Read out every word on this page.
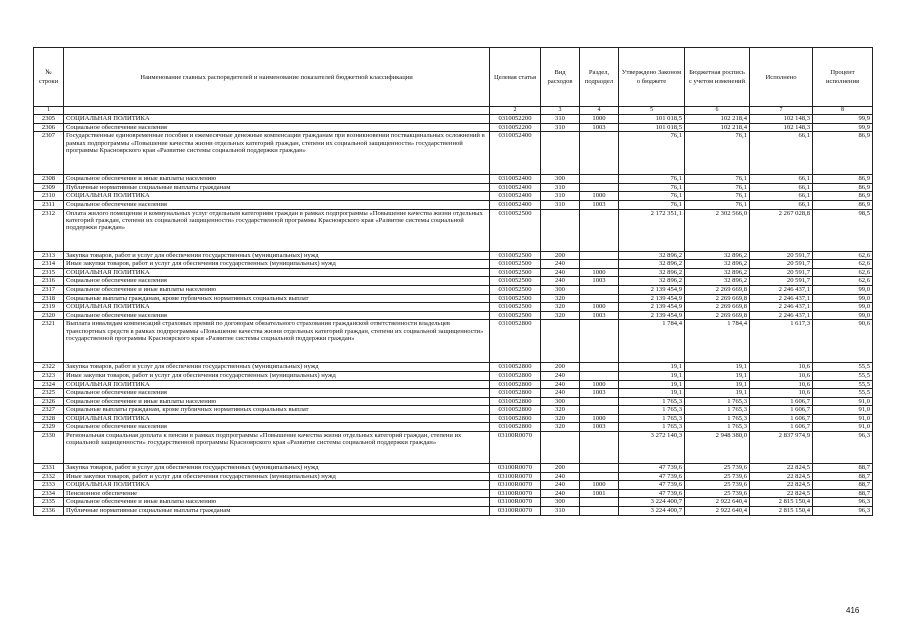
№ строки	Наименование главных распорядителей и наименование показателей бюджетной классификации	Целевая статья	Вид расходов	Раздел, подраздел	Утверждено Законом о бюджете	Бюджетная роспись с учетом изменений	Исполнено	Процент исполнения
1		2	3	4	5	6	7	8
2305	СОЦИАЛЬНАЯ ПОЛИТИКА	0310052200	310	1000	101 018,5	102 218,4	102 148,3	99,9
2306	Социальное обеспечение населения	0310052200	310	1003	101 018,5	102 218,4	102 148,3	99,9
2307	Государственные единовременные пособия и ежемесячные денежные компенсации гражданам при возникновении поствакцинальных осложнений в рамках подпрограммы «Повышение качества жизни отдельных категорий граждан, степени их социальной защищенности» государственной программы Красноярского края «Развитие системы социальной поддержки граждан»	0310052400			76,1	76,1	66,1	86,9
2308	Социальное обеспечение и иные выплаты населению	0310052400	300		76,1	76,1	66,1	86,9
2309	Публичные нормативные социальные выплаты гражданам	0310052400	310		76,1	76,1	66,1	86,9
2310	СОЦИАЛЬНАЯ ПОЛИТИКА	0310052400	310	1000	76,1	76,1	66,1	86,9
2311	Социальное обеспечение населения	0310052400	310	1003	76,1	76,1	66,1	86,9
2312	Оплата жилого помещения и коммунальных услуг отдельным категориям граждан в рамках подпрограммы «Повышение качества жизни отдельных категорий граждан, степени их социальной защищенности» государственной программы Красноярского края «Развитие системы социальной поддержки граждан»	0310052500			2 172 351,1	2 302 566,0	2 267 028,8	98,5
2313	Закупка товаров, работ и услуг для обеспечения государственных (муниципальных) нужд	0310052500	200		32 896,2	32 896,2	20 591,7	62,6
2314	Иные закупки товаров, работ и услуг для обеспечения государственных (муниципальных) нужд	0310052500	240		32 896,2	32 896,2	20 591,7	62,6
2315	СОЦИАЛЬНАЯ ПОЛИТИКА	0310052500	240	1000	32 896,2	32 896,2	20 591,7	62,6
2316	Социальное обеспечение населения	0310052500	240	1003	32 896,2	32 896,2	20 591,7	62,6
2317	Социальное обеспечение и иные выплаты населению	0310052500	300		2 139 454,9	2 269 669,8	2 246 437,1	99,0
2318	Социальные выплаты гражданам, кроме публичных нормативных социальных выплат	0310052500	320		2 139 454,9	2 269 669,8	2 246 437,1	99,0
2319	СОЦИАЛЬНАЯ ПОЛИТИКА	0310052500	320	1000	2 139 454,9	2 269 669,8	2 246 437,1	99,0
2320	Социальное обеспечение населения	0310052500	320	1003	2 139 454,9	2 269 669,8	2 246 437,1	99,0
2321	Выплата инвалидам компенсаций страховых премий по договорам обязательного страхования гражданской ответственности владельцев транспортных средств в рамках подпрограммы «Повышение качества жизни отдельных категорий граждан, степени их социальной защищенности» государственной программы Красноярского края «Развитие системы социальной поддержки граждан»	0310052800			1 784,4	1 784,4	1 617,3	90,6
2322	Закупка товаров, работ и услуг для обеспечения государственных (муниципальных) нужд	0310052800	200		19,1	19,1	10,6	55,5
2323	Иные закупки товаров, работ и услуг для обеспечения государственных (муниципальных) нужд	0310052800	240		19,1	19,1	10,6	55,5
2324	СОЦИАЛЬНАЯ ПОЛИТИКА	0310052800	240	1000	19,1	19,1	10,6	55,5
2325	Социальное обеспечение населения	0310052800	240	1003	19,1	19,1	10,6	55,5
2326	Социальное обеспечение и иные выплаты населению	0310052800	300		1 765,3	1 765,3	1 606,7	91,0
2327	Социальные выплаты гражданам, кроме публичных нормативных социальных выплат	0310052800	320		1 765,3	1 765,3	1 606,7	91,0
2328	СОЦИАЛЬНАЯ ПОЛИТИКА	0310052800	320	1000	1 765,3	1 765,3	1 606,7	91,0
2329	Социальное обеспечение населения	0310052800	320	1003	1 765,3	1 765,3	1 606,7	91,0
2330	Региональная социальная доплата к пенсии в рамках подпрограммы «Повышение качества жизни отдельных категорий граждан, степени их социальной защищенности» государственной программы Красноярского края «Развитие системы социальной поддержки граждан»	03100R0070			3 272 140,3	2 948 380,0	2 837 974,9	96,3
2331	Закупка товаров, работ и услуг для обеспечения государственных (муниципальных) нужд	03100R0070	200		47 739,6	25 739,6	22 824,5	88,7
2332	Иные закупки товаров, работ и услуг для обеспечения государственных (муниципальных) нужд	03100R0070	240		47 739,6	25 739,6	22 824,5	88,7
2333	СОЦИАЛЬНАЯ ПОЛИТИКА	03100R0070	240	1000	47 739,6	25 739,6	22 824,5	88,7
2334	Пенсионное обеспечение	03100R0070	240	1001	47 739,6	25 739,6	22 824,5	88,7
2335	Социальное обеспечение и иные выплаты населению	03100R0070	300		3 224 400,7	2 922 640,4	2 815 150,4	96,3
2336	Публичные нормативные социальные выплаты гражданам	03100R0070	310		3 224 400,7	2 922 640,4	2 815 150,4	96,3
416
